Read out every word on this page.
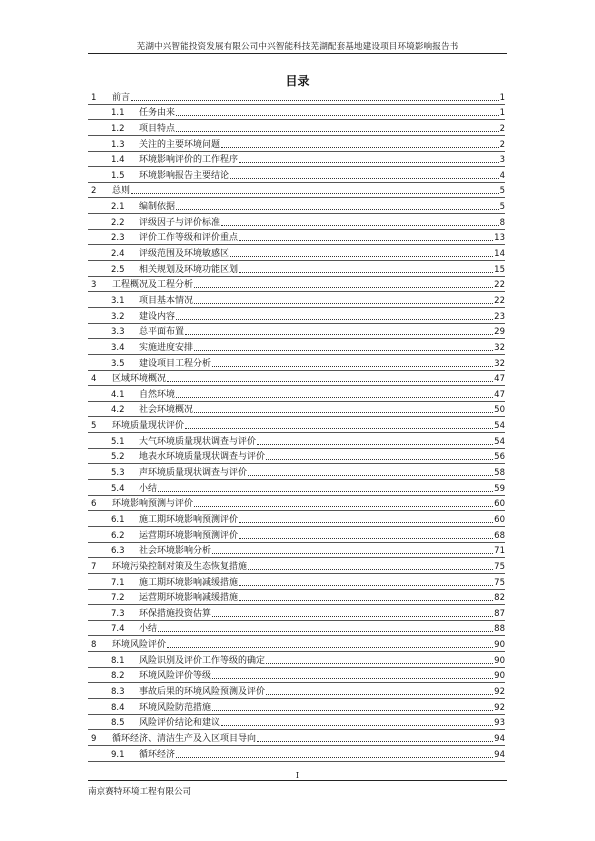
芜湖中兴智能投资发展有限公司中兴智能科技芜湖配套基地建设项目环境影响报告书
目录
1	前言	1
1.1	任务由来	1
1.2	项目特点	2
1.3	关注的主要环境问题	2
1.4	环境影响评价的工作程序	3
1.5	环境影响报告主要结论	4
2	总则	5
2.1	编制依据	5
2.2	评级因子与评价标准	8
2.3	评价工作等级和评价重点	13
2.4	评级范围及环境敏感区	14
2.5	相关规划及环境功能区划	15
3	工程概况及工程分析	22
3.1	项目基本情况	22
3.2	建设内容	23
3.3	总平面布置	29
3.4	实施进度安排	32
3.5	建设项目工程分析	32
4	区域环境概况	47
4.1	自然环境	47
4.2	社会环境概况	50
5	环境质量现状评价	54
5.1	大气环境质量现状调查与评价	54
5.2	地表水环境质量现状调查与评价	56
5.3	声环境质量现状调查与评价	58
5.4	小结	59
6	环境影响预测与评价	60
6.1	施工期环境影响预测评价	60
6.2	运营期环境影响预测评价	68
6.3	社会环境影响分析	71
7	环境污染控制对策及生态恢复措施	75
7.1	施工期环境影响减缓措施	75
7.2	运营期环境影响减缓措施	82
7.3	环保措施投资估算	87
7.4	小结	88
8	环境风险评价	90
8.1	风险识别及评价工作等级的确定	90
8.2	环境风险评价等级	90
8.3	事故后果的环境风险预测及评价	92
8.4	环境风险防范措施	92
8.5	风险评价结论和建议	93
9	循环经济、清洁生产及入区项目导向	94
9.1	循环经济	94
I
南京赛特环境工程有限公司
